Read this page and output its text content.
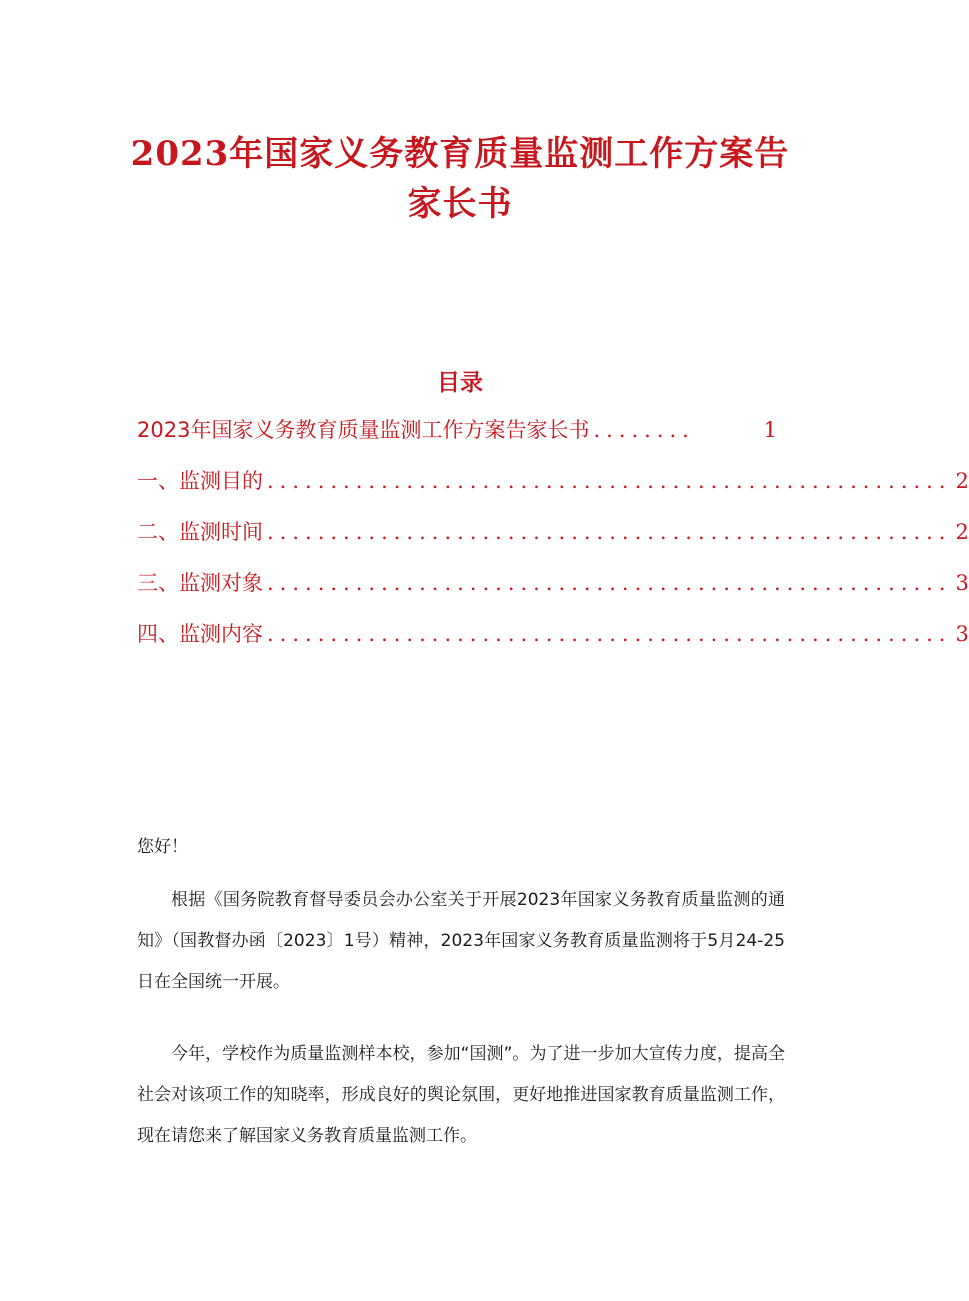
2023年国家义务教育质量监测工作方案告
家长书
目录
2023年国家义务教育质量监测工作方案告家长书 ........	1
一、监测目的 ...................................................... 2
二、监测时间 ...................................................... 2
三、监测对象 ...................................................... 3
四、监测内容 ...................................................... 3

您好！

根据《国务院教育督导委员会办公室关于开展2023年国家义务教育质量监测的通知》（国教督办函〔2023〕1号）精神，2023年国家义务教育质量监测将于5月24-25日在全国统一开展。

今年，学校作为质量监测样本校，参加“国测”。为了进一步加大宣传力度，提高全社会对该项工作的知晓率，形成良好的舆论氛围，更好地推进国家教育质量监测工作，现在请您来了解国家义务教育质量监测工作。
